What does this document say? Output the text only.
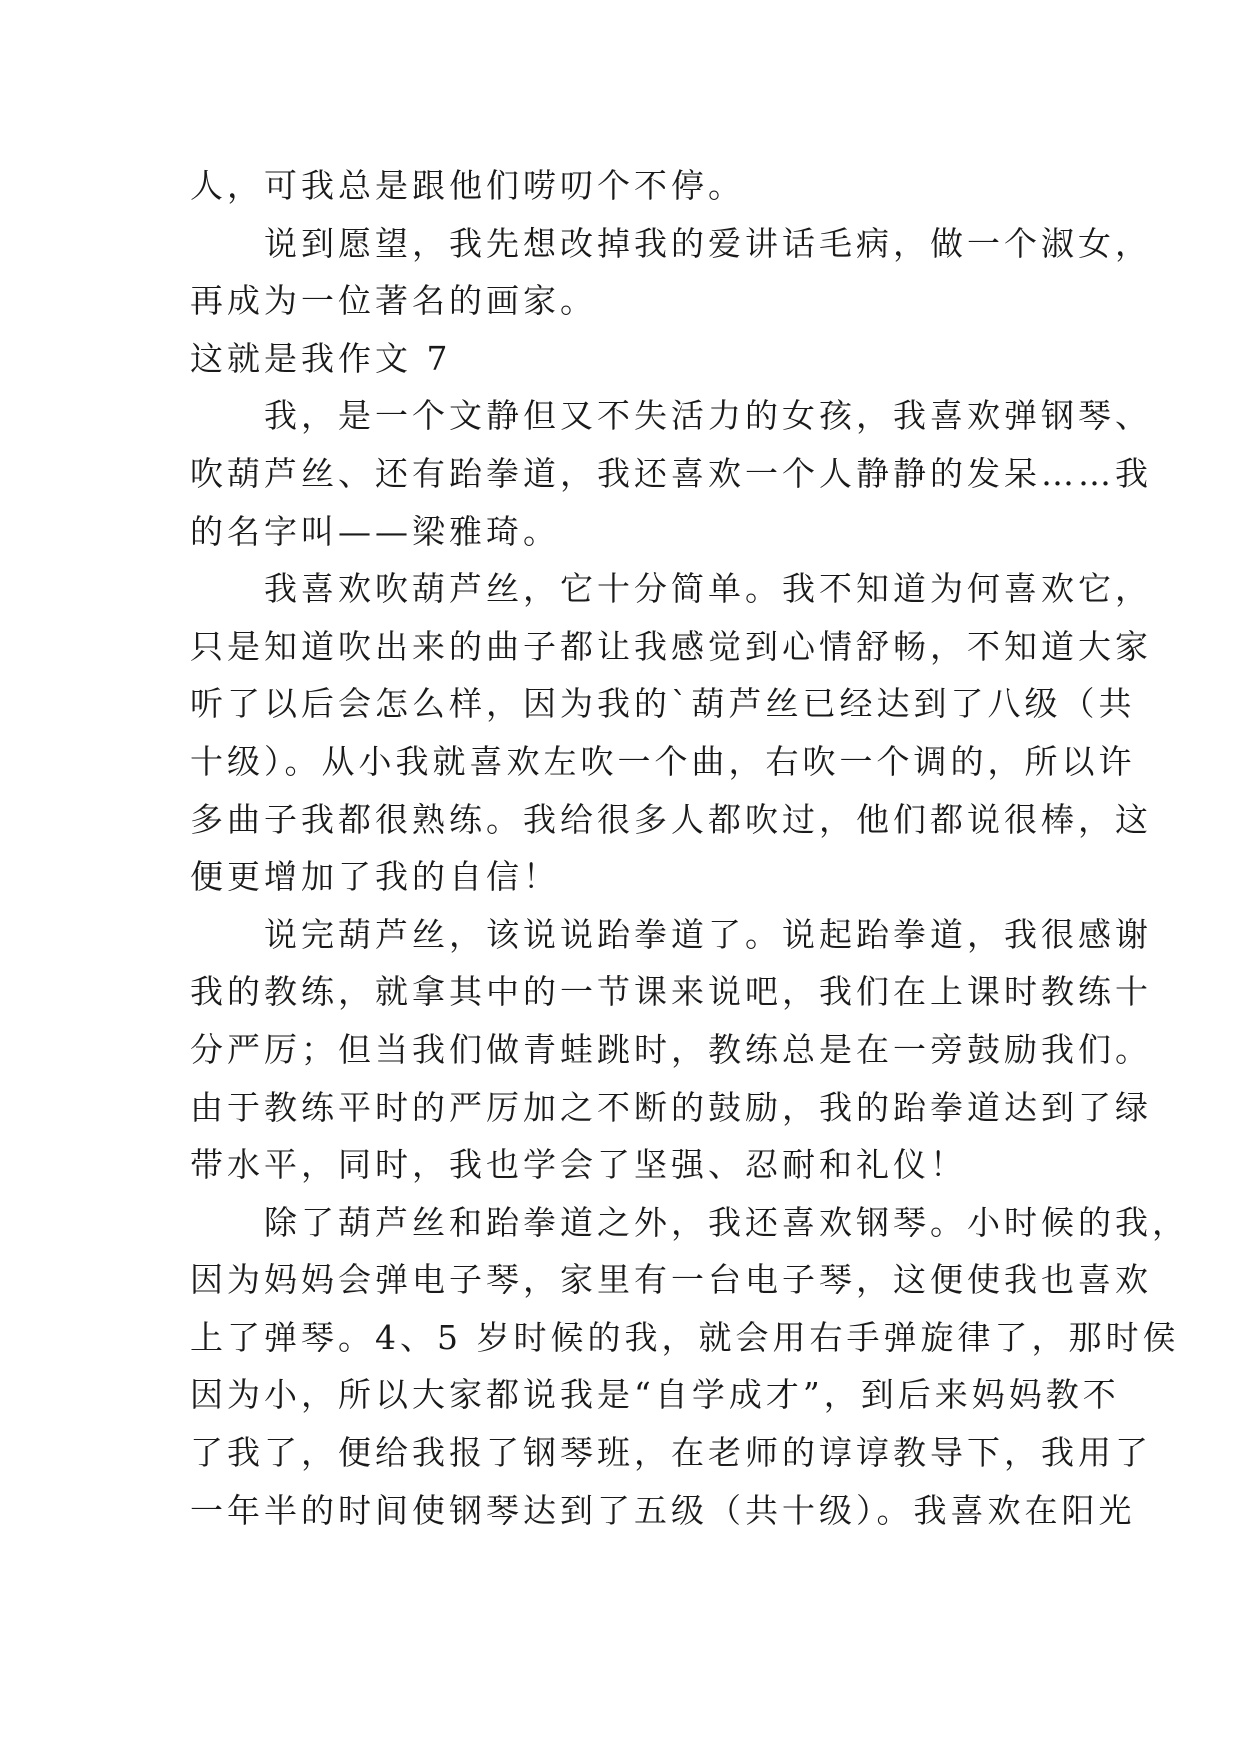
人，可我总是跟他们唠叨个不停。
说到愿望，我先想改掉我的爱讲话毛病，做一个淑女，
再成为一位著名的画家。
这就是我作文 7
我，是一个文静但又不失活力的女孩，我喜欢弹钢琴、
吹葫芦丝、还有跆拳道，我还喜欢一个人静静的发呆……我
的名字叫——梁雅琦。
我喜欢吹葫芦丝，它十分简单。我不知道为何喜欢它，
只是知道吹出来的曲子都让我感觉到心情舒畅，不知道大家
听了以后会怎么样，因为我的`葫芦丝已经达到了八级（共
十级）。从小我就喜欢左吹一个曲，右吹一个调的，所以许
多曲子我都很熟练。我给很多人都吹过，他们都说很棒，这
便更增加了我的自信！
说完葫芦丝，该说说跆拳道了。说起跆拳道，我很感谢
我的教练，就拿其中的一节课来说吧，我们在上课时教练十
分严厉；但当我们做青蛙跳时，教练总是在一旁鼓励我们。
由于教练平时的严厉加之不断的鼓励，我的跆拳道达到了绿
带水平，同时，我也学会了坚强、忍耐和礼仪！
除了葫芦丝和跆拳道之外，我还喜欢钢琴。小时候的我，
因为妈妈会弹电子琴，家里有一台电子琴，这便使我也喜欢
上了弹琴。4、5 岁时候的我，就会用右手弹旋律了，那时侯
因为小，所以大家都说我是“自学成才”，到后来妈妈教不
了我了，便给我报了钢琴班，在老师的谆谆教导下，我用了
一年半的时间使钢琴达到了五级（共十级）。我喜欢在阳光
